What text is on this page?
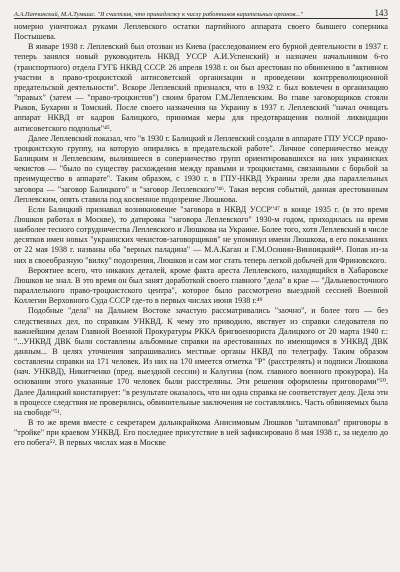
А.А.Папчинский, М.А.Тумшис. "Я счастлив, что принадлежу к числу работников карательных органов..."	143

номерно уничтожал руками Леплевского остатки партийного аппарата своего бывшего соперника Постышева.

В январе 1938 г. Леплевский был отозван из Киева (расследованием его бурной деятельности в 1937 г. теперь занялся новый руководитель НКВД УССР А.И.Успенский) и назначен начальником 6-го (транспортного) отдела ГУГБ НКВД СССР. 26 апреля 1938 г. он был арестован по обвинению в "активном участии в право-троцкистской антисоветской организации и проведении контрреволюционной предательской деятельности". Вскоре Леплевский признался, что в 1932 г. был вовлечен в организацию "правых" (затем — "право-троцкистов") своим братом Г.М.Леплевским. Во главе заговорщиков стояли Рыков, Бухарин и Томский. После своего назначения на Украину в 1937 г. Леплевский "начал очищать аппарат НКВД от кадров Балицкого, принимая меры для предотвращения полной ликвидации антисоветского подполья"⁴⁵.

Далее Леплевский показал, что "в 1930 г. Балицкий и Леплевский создали в аппарате ГПУ УССР право-троцкистскую группу, на которую опирались в предательской работе". Личное соперничество между Балицким и Леплевским, вылившееся в соперничество групп ориентировавшихся на них украинских чекистов — "было по существу расхождения между правыми и троцкистами, связанными с борьбой за преимущество в аппарате". Таким образом, с 1930 г. в ГПУ-НКВД Украины зрели два параллельных заговора — "заговор Балицкого" и "заговор Леплевского"⁴⁶. Такая версия событий, данная арестованным Леплевским, опять ставила под косвенное подозрение Люшкова.

Если Балицкий признавал возникновение "заговора в НКВД УССР"⁴⁷ в конце 1935 г. (в это время Люшков работал в Москве), то датировка "заговора Леплевского" 1930-м годом, приходилась на время наиболее тесного сотрудничества Леплевского и Люшкова на Украине. Более того, хотя Леплевский в числе десятков имен новых "украинских чекистов-заговорщиков" не упомянул имени Люшкова, в его показаниях от 22 мая 1938 г. названы оба "верных паладина" — М.А.Каган и Г.М.Осинин-Винницкий⁴⁸. Попав из-за них в своеобразную "вилку" подозрения, Люшков и сам мог стать теперь легкой добычей для Фриновского.

Вероятнее всего, что никаких деталей, кроме факта ареста Леплевского, находящийся в Хабаровске Люшков не знал. В это время он был занят доработкой своего главного "дела" в крае — "Дальневосточного параллельного право-троцкистского центра", которое было рассмотрено выездной сессией Военной Коллегии Верховного Суда СССР где-то в первых числах июня 1938 г.⁴⁹

Подобные "дела" на Дальнем Востоке зачастую рассматривались "заочно", и более того — без следственных дел, по справкам УНКВД. К чему это приводило, явствует из справки следователя по важнейшим делам Главной Военной Прокуратуры РККА бригвоенюриста Далицкого от 20 марта 1940 г.: "...УНКВД ДВК были составлены альбомные справки на арестованных по имеющимся в УНКВД ДВК данным... В целях уточнения запрашивались местные органы НКВД по телеграфу. Таким образом составлены справки на 171 человек. Из них на 170 имеется отметка "Р" (расстрелять) и подписи Люшкова (нач. УНКВД), Никитченко (пред. выездной сессии) и Калугина (пом. главного военного прокурора). На основании этого указанные 170 человек были расстреляны. Эти решения оформлены приговорами"⁵⁰. Далее Далицкий констатирует: "в результате оказалось, что ни одна справка не соответствует делу. Дела эти в процессе следствия не проверялись, обвинительные заключения не составлялись. Часть обвиняемых была на свободе"⁵¹.

В то же время вместе с секретарем дальнкрайкома Анисимовым Люшков "штамповал" приговоры в "тройке" при краевом УНКВД. Его последнее присутствие в ней зафиксировано 8 мая 1938 г., за неделю до его побега⁵². В первых числах мая в Москве
